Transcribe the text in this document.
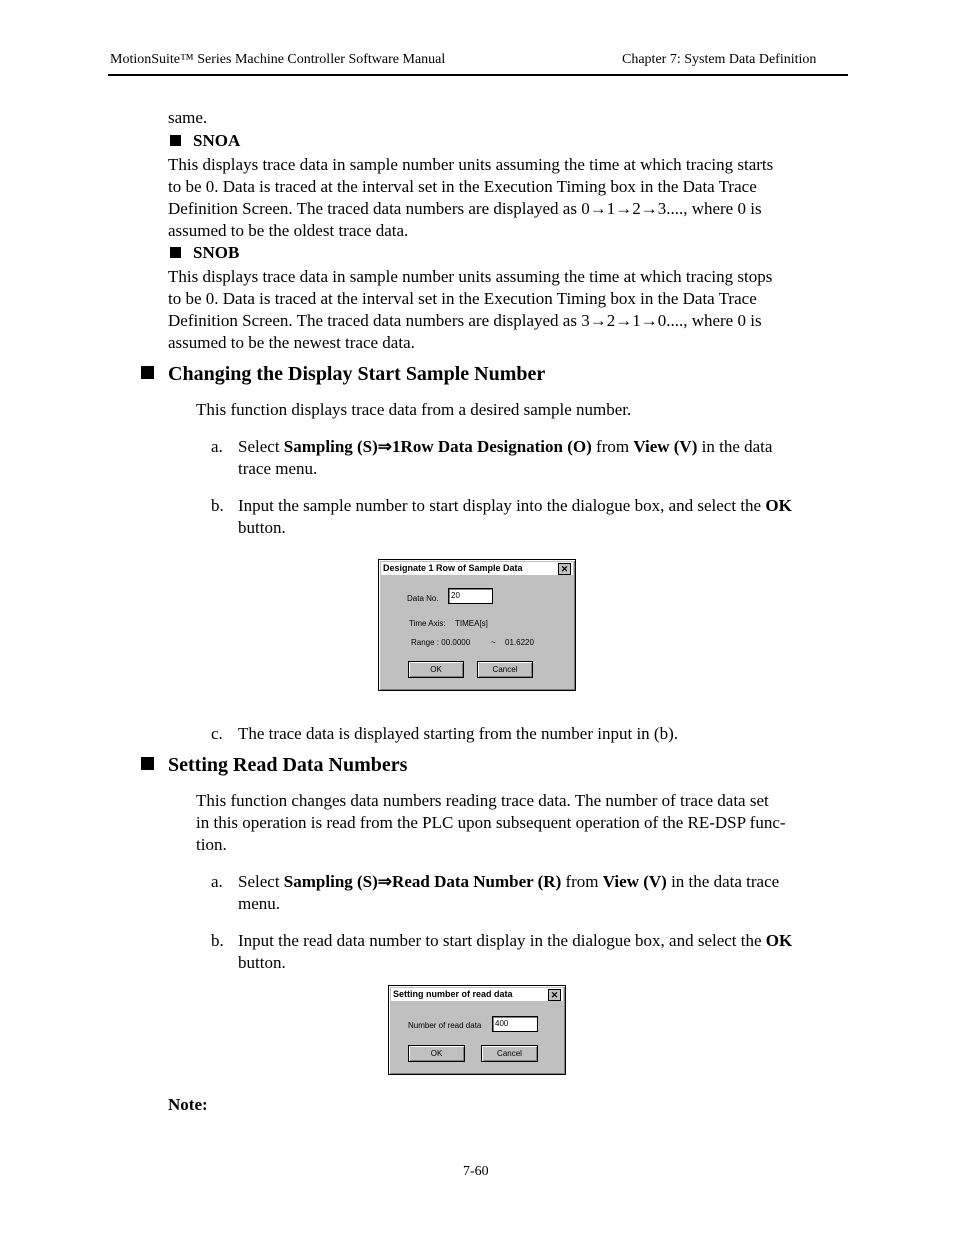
MotionSuite™ Series Machine Controller Software Manual	Chapter 7: System Data Definition
same.
SNOA
This displays trace data in sample number units assuming the time at which tracing starts
to be 0. Data is traced at the interval set in the Execution Timing box in the Data Trace
Definition Screen. The traced data numbers are displayed as 0→1→2→3...., where 0 is
assumed to be the oldest trace data.
SNOB
This displays trace data in sample number units assuming the time at which tracing stops
to be 0. Data is traced at the interval set in the Execution Timing box in the Data Trace
Definition Screen. The traced data numbers are displayed as 3→2→1→0...., where 0 is
assumed to be the newest trace data.
Changing the Display Start Sample Number
This function displays trace data from a desired sample number.
a. Select Sampling (S)⇒1Row Data Designation (O) from View (V) in the data
trace menu.
b. Input the sample number to start display into the dialogue box, and select the OK
button.
Designate 1 Row of Sample Data	✕
Data No.	20
Time Axis: TIMEA[s]
Range : 00.0000	~ 01.6220
OK	Cancel
c. The trace data is displayed starting from the number input in (b).
Setting Read Data Numbers
This function changes data numbers reading trace data. The number of trace data set
in this operation is read from the PLC upon subsequent operation of the RE-DSP func-
tion.
a. Select Sampling (S)⇒Read Data Number (R) from View (V) in the data trace
menu.
b. Input the read data number to start display in the dialogue box, and select the OK
button.
Setting number of read data	✕
Number of read data	400
OK	Cancel
Note:
7-60
